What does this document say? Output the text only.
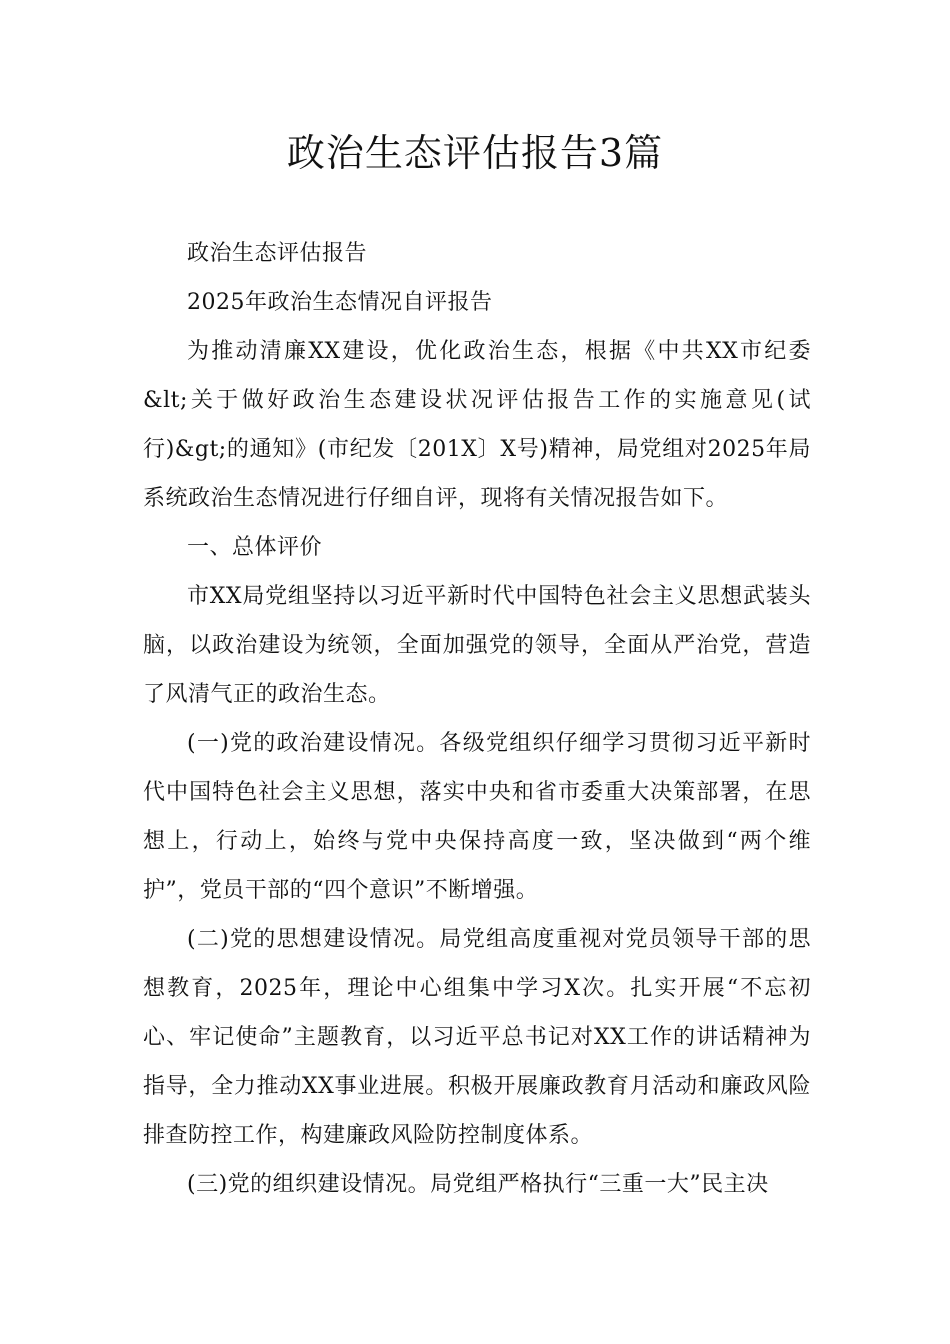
政治生态评估报告3篇

政治生态评估报告

2025年政治生态情况自评报告

为推动清廉XX建设，优化政治生态，根据《中共XX市纪委&lt;关于做好政治生态建设状况评估报告工作的实施意见(试行)&gt;的通知》(市纪发〔201X〕X号)精神，局党组对2025年局系统政治生态情况进行仔细自评，现将有关情况报告如下。

一、总体评价

市XX局党组坚持以习近平新时代中国特色社会主义思想武装头脑，以政治建设为统领，全面加强党的领导，全面从严治党，营造了风清气正的政治生态。

(一)党的政治建设情况。各级党组织仔细学习贯彻习近平新时代中国特色社会主义思想，落实中央和省市委重大决策部署，在思想上，行动上，始终与党中央保持高度一致，坚决做到“两个维护”，党员干部的“四个意识”不断增强。

(二)党的思想建设情况。局党组高度重视对党员领导干部的思想教育，2025年，理论中心组集中学习X次。扎实开展“不忘初心、牢记使命”主题教育，以习近平总书记对XX工作的讲话精神为指导，全力推动XX事业进展。积极开展廉政教育月活动和廉政风险排查防控工作，构建廉政风险防控制度体系。

(三)党的组织建设情况。局党组严格执行“三重一大”民主决
